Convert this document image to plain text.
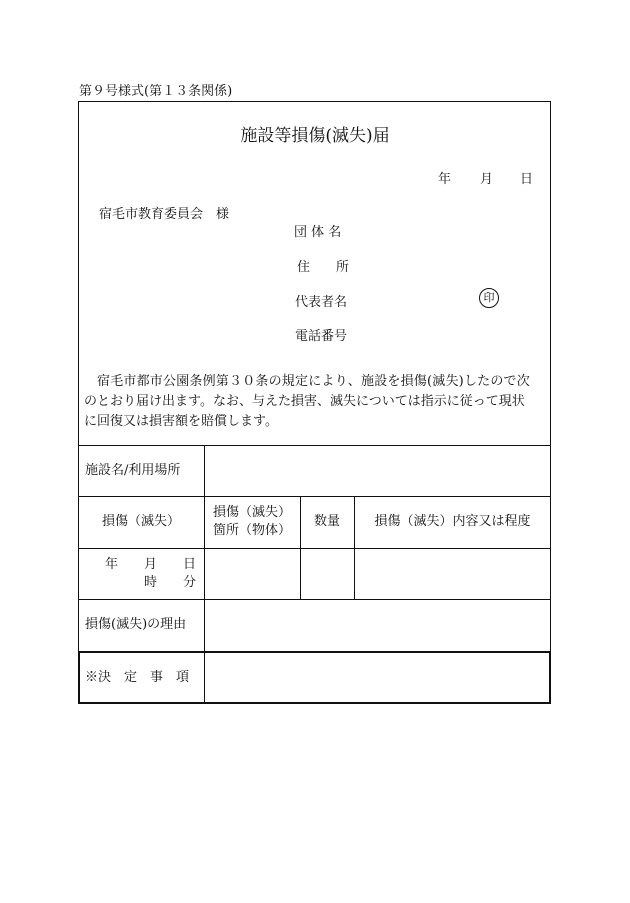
第９号様式(第１３条関係)
施設等損傷(滅失)届
年 月 日
宿毛市教育委員会　様
団 体 名
住　　所
代表者名	印
電話番号

宿毛市都市公園条例第３０条の規定により、施設を損傷(滅失)したので次

のとおり届け出ます。なお、与えた損害、滅失については指示に従って現状

に回復又は損害額を賠償します。

施設名/利用場所
損傷（滅失）
損傷（滅失）
箇所（物体）
数量	損傷（滅失）内容又は程度
年　　月　　日
時　　分
損傷(滅失)の理由
※決　定　事　項
